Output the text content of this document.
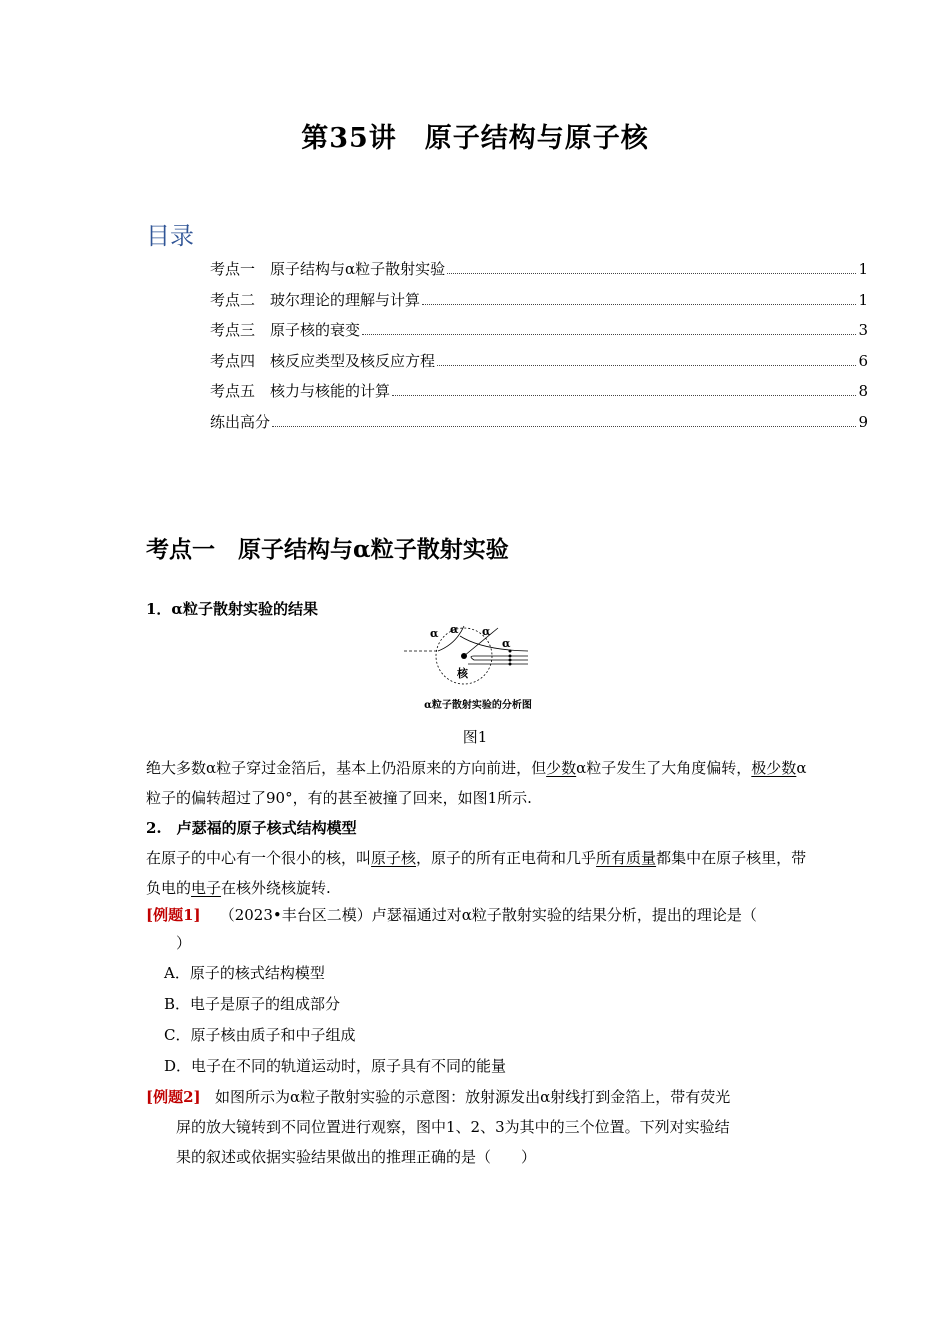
第35讲　原子结构与原子核
目录
考点一　原子结构与α粒子散射实验	1
考点二　玻尔理论的理解与计算	1
考点三　原子核的衰变	3
考点四　核反应类型及核反应方程	6
考点五　核力与核能的计算	8
练出高分	9
考点一　原子结构与α粒子散射实验
1．α粒子散射实验的结果
α α α
α
核
α粒子散射实验的分析图
图1
绝大多数α粒子穿过金箔后，基本上仍沿原来的方向前进，但少数α粒子发生了大角度偏转，极少数α粒子的偏转超过了90°，有的甚至被撞了回来，如图1所示.
2.　卢瑟福的原子核式结构模型
在原子的中心有一个很小的核，叫原子核，原子的所有正电荷和几乎所有质量都集中在原子核里，带负电的电子在核外绕核旋转.
[例题1] （2023•丰台区二模）卢瑟福通过对α粒子散射实验的结果分析，提出的理论是（
）
A．原子的核式结构模型
B．电子是原子的组成部分
C．原子核由质子和中子组成
D．电子在不同的轨道运动时，原子具有不同的能量
[例题2] 如图所示为α粒子散射实验的示意图：放射源发出α射线打到金箔上，带有荧光
屏的放大镜转到不同位置进行观察，图中1、2、3为其中的三个位置。下列对实验结
果的叙述或依据实验结果做出的推理正确的是（　　）
